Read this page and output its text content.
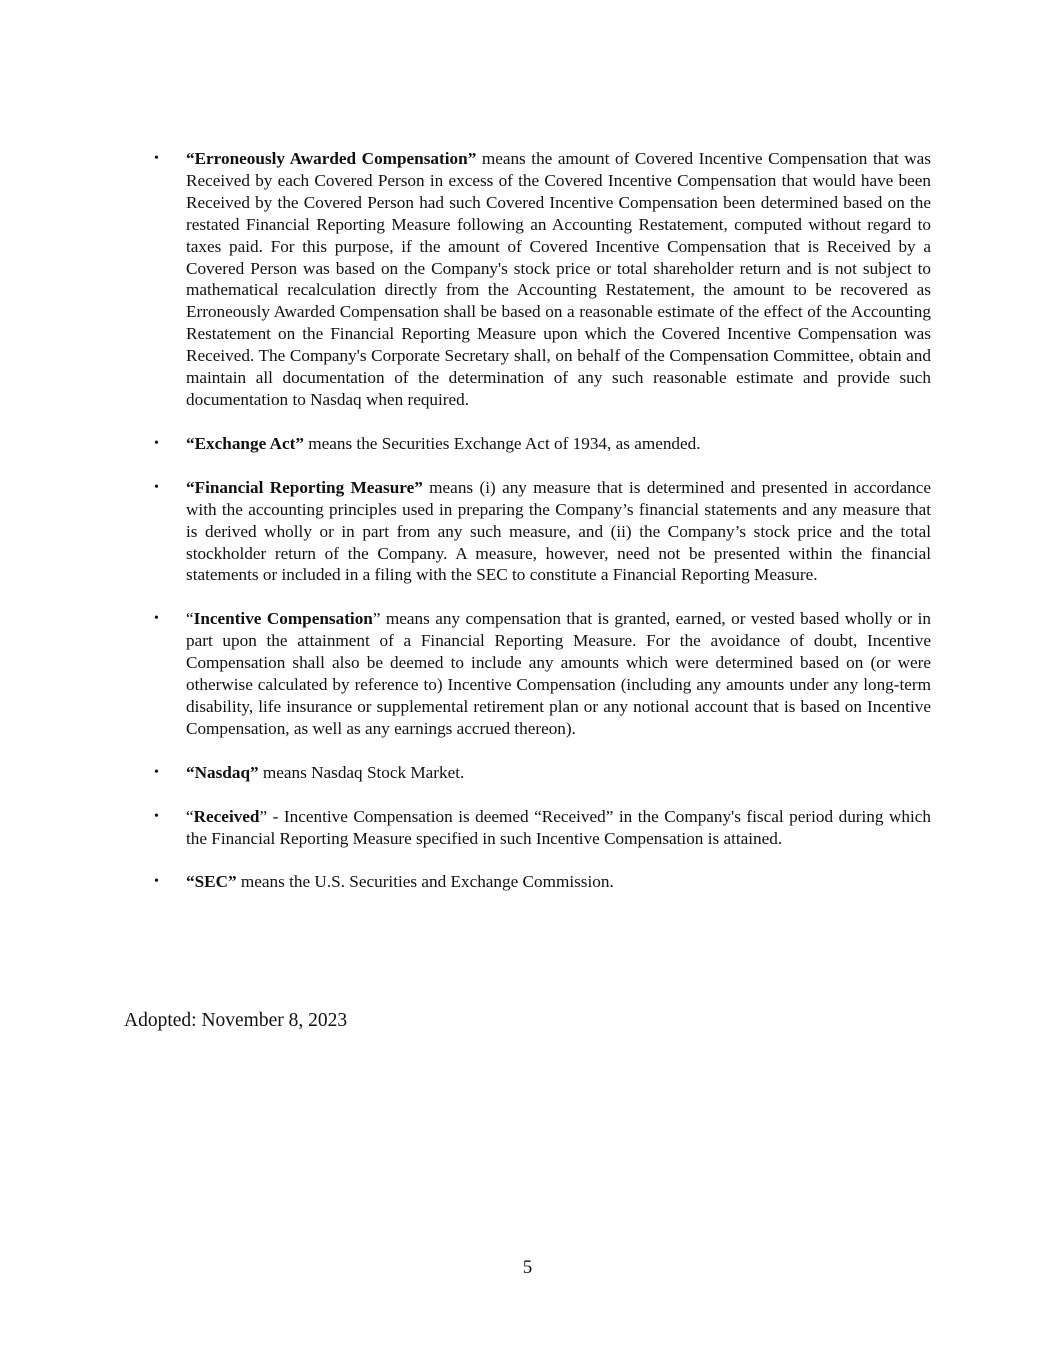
• “Erroneously Awarded Compensation” means the amount of Covered Incentive Compensation that was Received by each Covered Person in excess of the Covered Incentive Compensation that would have been Received by the Covered Person had such Covered Incentive Compensation been determined based on the restated Financial Reporting Measure following an Accounting Restatement, computed without regard to taxes paid. For this purpose, if the amount of Covered Incentive Compensation that is Received by a Covered Person was based on the Company's stock price or total shareholder return and is not subject to mathematical recalculation directly from the Accounting Restatement, the amount to be recovered as Erroneously Awarded Compensation shall be based on a reasonable estimate of the effect of the Accounting Restatement on the Financial Reporting Measure upon which the Covered Incentive Compensation was Received. The Company's Corporate Secretary shall, on behalf of the Compensation Committee, obtain and maintain all documentation of the determination of any such reasonable estimate and provide such documentation to Nasdaq when required.
• “Exchange Act” means the Securities Exchange Act of 1934, as amended.
• “Financial Reporting Measure” means (i) any measure that is determined and presented in accordance with the accounting principles used in preparing the Company’s financial statements and any measure that is derived wholly or in part from any such measure, and (ii) the Company’s stock price and the total stockholder return of the Company. A measure, however, need not be presented within the financial statements or included in a filing with the SEC to constitute a Financial Reporting Measure.
• “Incentive Compensation” means any compensation that is granted, earned, or vested based wholly or in part upon the attainment of a Financial Reporting Measure. For the avoidance of doubt, Incentive Compensation shall also be deemed to include any amounts which were determined based on (or were otherwise calculated by reference to) Incentive Compensation (including any amounts under any long-term disability, life insurance or supplemental retirement plan or any notional account that is based on Incentive Compensation, as well as any earnings accrued thereon).
• “Nasdaq” means Nasdaq Stock Market.
• “Received” - Incentive Compensation is deemed “Received” in the Company's fiscal period during which the Financial Reporting Measure specified in such Incentive Compensation is attained.
• “SEC” means the U.S. Securities and Exchange Commission.

Adopted: November 8, 2023

5
